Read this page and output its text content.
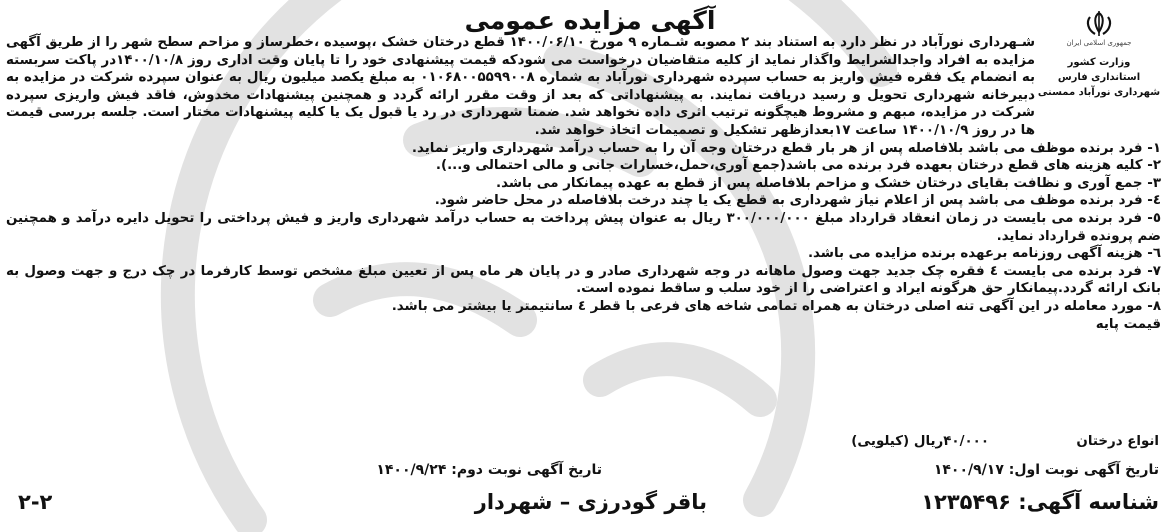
آگهی مزایده عمومی
جمهوری اسلامی ایران
وزارت کشور
استانداری فارس
شهرداری نورآباد ممسنی

شـهرداری نورآباد در نظر دارد به استناد بند ۲ مصوبه شـماره ۹ مورخ ۱۴۰۰/۰۶/۱۰ قطع درختان خشک ،پوسیده ،خطرساز و مزاحم سطح شهر را از طریق آگهی مزایده به افراد واجدالشرایط واگذار نماید از کلیه متقاضیان درخواست می شودکه قیمت پیشنهادی خود را تا پایان وقت اداری روز ۱۴۰۰/۱۰/۸در پاکت سربسته به انضمام یک فقره فیش واریز به حساب سپرده شهرداری نورآباد به شماره ۰۱۰۶۸۰۰۵۵۹۹۰۰۸ به مبلغ یکصد میلیون ریال به عنوان سپرده شرکت در مزایده به دبیرخانه شهرداری تحویل و رسید دریافت نمایند. به پیشنهاداتی که بعد از وقت مقرر ارائه گردد و همچنین پیشنهادات مخدوش، فاقد فیش واریزی سپرده شرکت در مزایده، مبهم و مشروط هیچگونه ترتیب اثری داده نخواهد شد. ضمنا شهرداری در رد یا قبول یک یا کلیه پیشنهادات مختار است. جلسه بررسی قیمت ها در روز ۱۴۰۰/۱۰/۹ ساعت ۱۷بعدازظهر تشکیل و تصمیمات اتخاذ خواهد شد.

۱- فرد برنده موظف می باشد بلافاصله پس از هر بار قطع درختان وجه آن را به حساب درآمد شهرداری واریز نماید.

۲- کلیه هزینه های قطع درختان بعهده فرد برنده می باشد(جمع آوری،حمل،خسارات جانی و مالی احتمالی و...).

۳- جمع آوری و نظافت بقایای درختان خشک و مزاحم بلافاصله پس از قطع به عهده پیمانکار می باشد.

٤- فرد برنده موظف می باشد پس از اعلام نیاز شهرداری به قطع یک یا چند درخت بلافاصله در محل حاضر شود.

٥- فرد برنده می بایست در زمان انعقاد قرارداد مبلغ ۳۰۰/۰۰۰/۰۰۰ ریال به عنوان پیش پرداخت به حساب درآمد شهرداری واریز و فیش پرداختی را تحویل دایره درآمد و همچنین ضم پرونده قرارداد نماید.

٦- هزینه آگهی روزنامه برعهده برنده مزایده می باشد.

۷- فرد برنده می بایست ٤ فقره چک جدید جهت وصول ماهانه در وجه شهرداری صادر و در پایان هر ماه پس از تعیین مبلغ مشخص توسط کارفرما در چک درج و جهت وصول به بانک ارائه گردد.پیمانکار حق هرگونه ایراد و اعتراضی را از خود سلب و ساقط نموده است.

۸- مورد معامله در این آگهی تنه اصلی درختان به همراه تمامی شاخه های فرعی با قطر ٤ سانتیمتر یا بیشتر می باشد.

قیمت پایه

انواع درختان
۴۰/۰۰۰ریال (کیلویی)
تاریخ آگهی نوبت اول: ۱۴۰۰/۹/۱۷
تاریخ آگهی نوبت دوم: ۱۴۰۰/۹/۲۴
شناسه آگهی: ۱۲۳۵۴۹۶
باقر گودرزی – شهردار
۲-۲
